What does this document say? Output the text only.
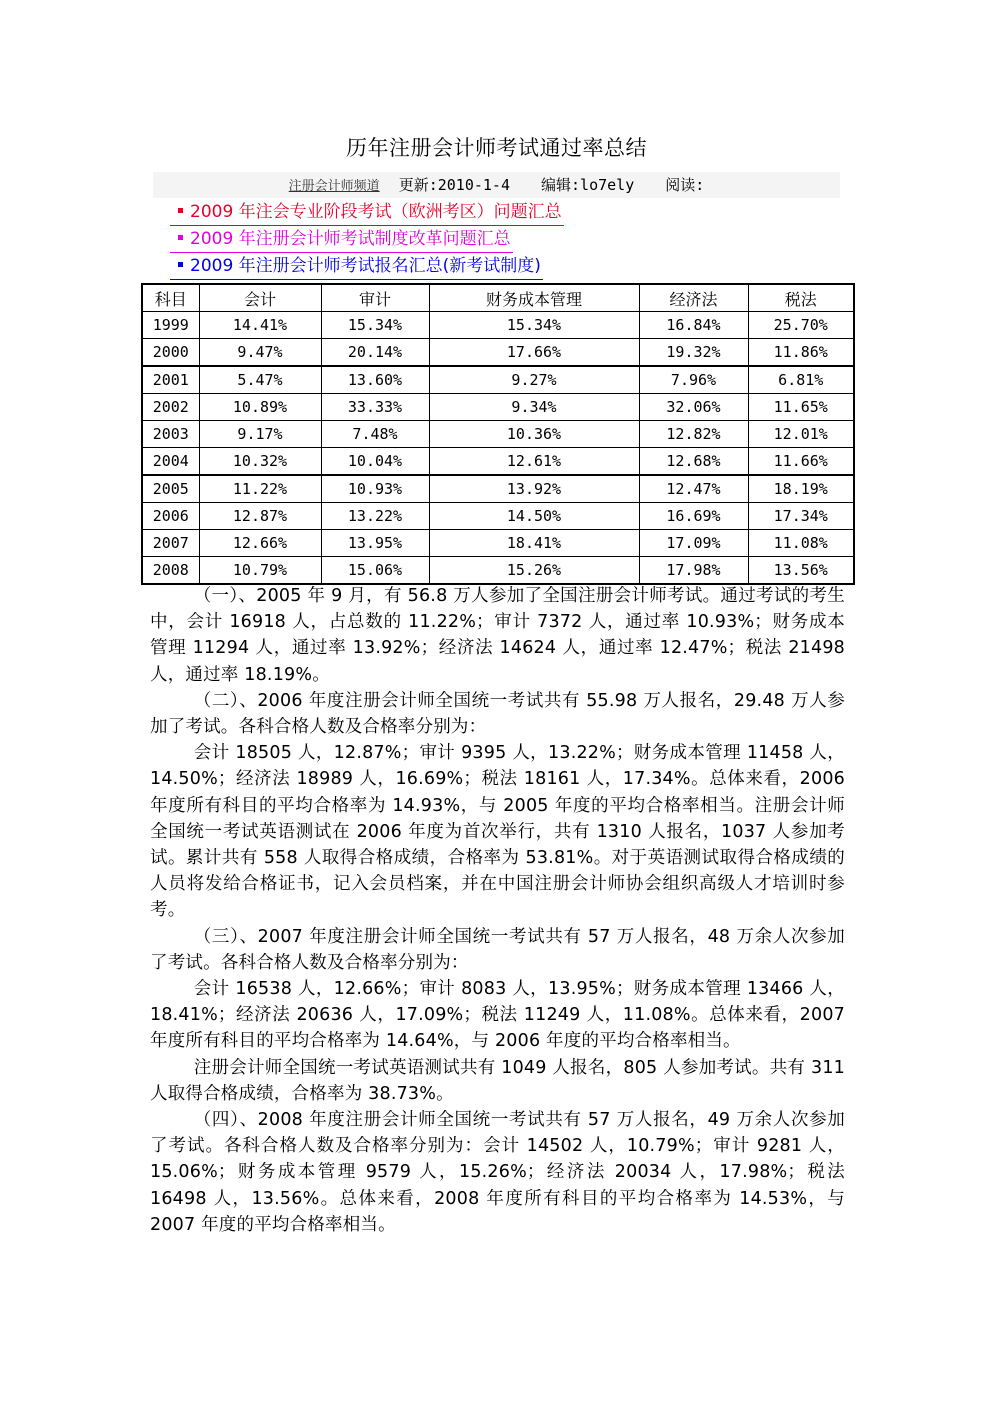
历年注册会计师考试通过率总结
注册会计师频道 更新:2010-1-4 编辑:lo7ely 阅读:
2009 年注会专业阶段考试（欧洲考区）问题汇总
2009 年注册会计师考试制度改革问题汇总
2009 年注册会计师考试报名汇总(新考试制度)
科目	会计	审计	财务成本管理	经济法	税法
1999	14.41%	15.34%	15.34%	16.84%	25.70%
2000	9.47%	20.14%	17.66%	19.32%	11.86%
2001	5.47%	13.60%	9.27%	7.96%	6.81%
2002	10.89%	33.33%	9.34%	32.06%	11.65%
2003	9.17%	7.48%	10.36%	12.82%	12.01%
2004	10.32%	10.04%	12.61%	12.68%	11.66%
2005	11.22%	10.93%	13.92%	12.47%	18.19%
2006	12.87%	13.22%	14.50%	16.69%	17.34%
2007	12.66%	13.95%	18.41%	17.09%	11.08%
2008	10.79%	15.06%	15.26%	17.98%	13.56%

（一）、2005 年 9 月，有 56.8 万人参加了全国注册会计师考试。通过考试的考生中，会计 16918 人，占总数的 11.22%；审计 7372 人，通过率 10.93%；财务成本管理 11294 人，通过率 13.92%；经济法 14624 人，通过率 12.47%；税法 21498 人，通过率 18.19%。

（二）、2006 年度注册会计师全国统一考试共有 55.98 万人报名，29.48 万人参加了考试。各科合格人数及合格率分别为：

会计 18505 人，12.87%；审计 9395 人，13.22%；财务成本管理 11458 人，14.50%；经济法 18989 人，16.69%；税法 18161 人，17.34%。总体来看，2006 年度所有科目的平均合格率为 14.93%，与 2005 年度的平均合格率相当。注册会计师全国统一考试英语测试在 2006 年度为首次举行，共有 1310 人报名，1037 人参加考试。累计共有 558 人取得合格成绩，合格率为 53.81%。对于英语测试取得合格成绩的人员将发给合格证书，记入会员档案，并在中国注册会计师协会组织高级人才培训时参考。

（三）、2007 年度注册会计师全国统一考试共有 57 万人报名，48 万余人次参加了考试。各科合格人数及合格率分别为：

会计 16538 人，12.66%；审计 8083 人，13.95%；财务成本管理 13466 人，18.41%；经济法 20636 人，17.09%；税法 11249 人，11.08%。总体来看，2007 年度所有科目的平均合格率为 14.64%，与 2006 年度的平均合格率相当。

注册会计师全国统一考试英语测试共有 1049 人报名，805 人参加考试。共有 311 人取得合格成绩，合格率为 38.73%。

（四）、2008 年度注册会计师全国统一考试共有 57 万人报名，49 万余人次参加了考试。各科合格人数及合格率分别为：会计 14502 人，10.79%；审计 9281 人，15.06%；财务成本管理 9579 人，15.26%；经济法 20034 人，17.98%；税法 16498 人，13.56%。总体来看，2008 年度所有科目的平均合格率为 14.53%，与 2007 年度的平均合格率相当。
